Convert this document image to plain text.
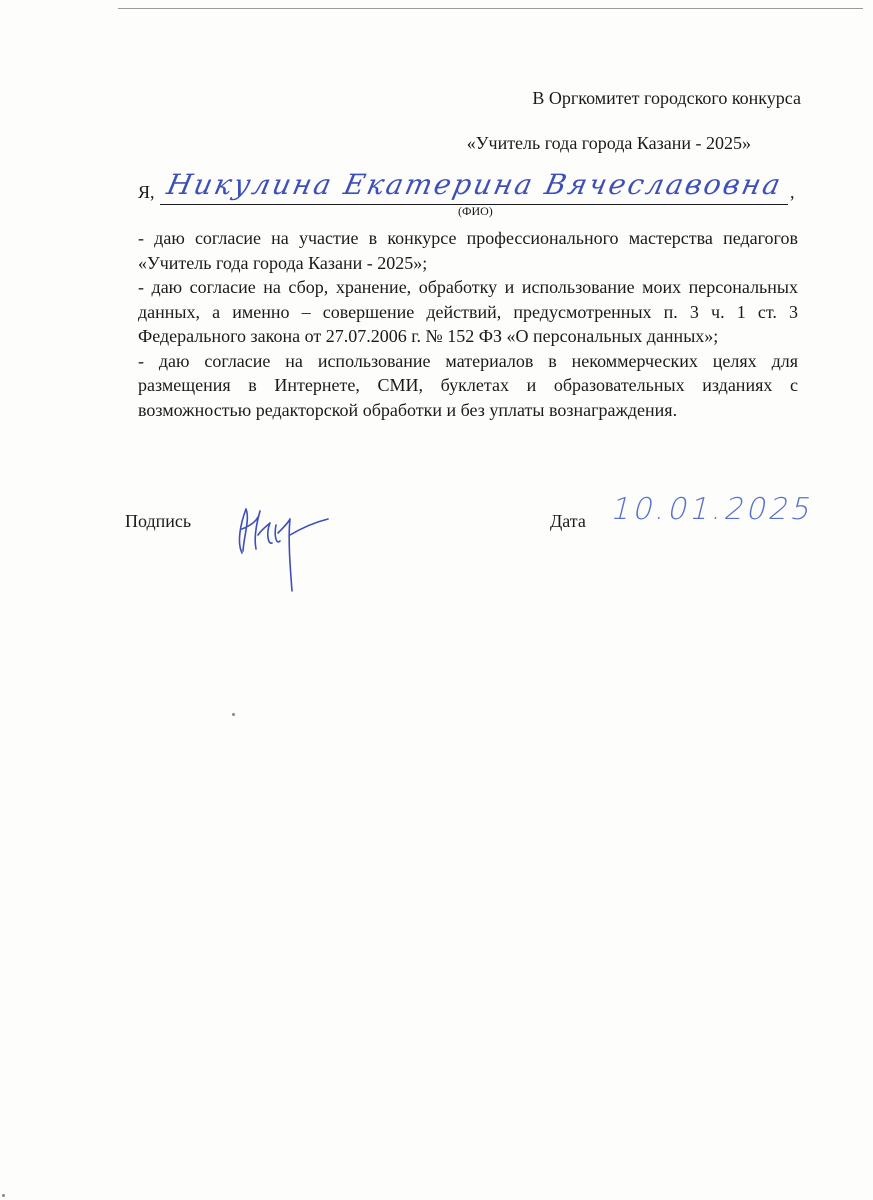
В Оргкомитет городского конкурса
«Учитель года города Казани - 2025»
Я, Никулина Екатерина Вячеславовна ,
(ФИО)

- даю согласие на участие в конкурсе профессионального мастерства педагогов «Учитель года города Казани - 2025»;

- даю согласие на сбор, хранение, обработку и использование моих персональных данных, а именно – совершение действий, предусмотренных п. 3 ч. 1 ст. 3 Федерального закона от 27.07.2006 г. № 152 ФЗ «О персональных данных»;

- даю согласие на использование материалов в некоммерческих целях для размещения в Интернете, СМИ, буклетах и образовательных изданиях с возможностью редакторской обработки и без уплаты вознаграждения.

Подпись	Дата 10.01.2025
